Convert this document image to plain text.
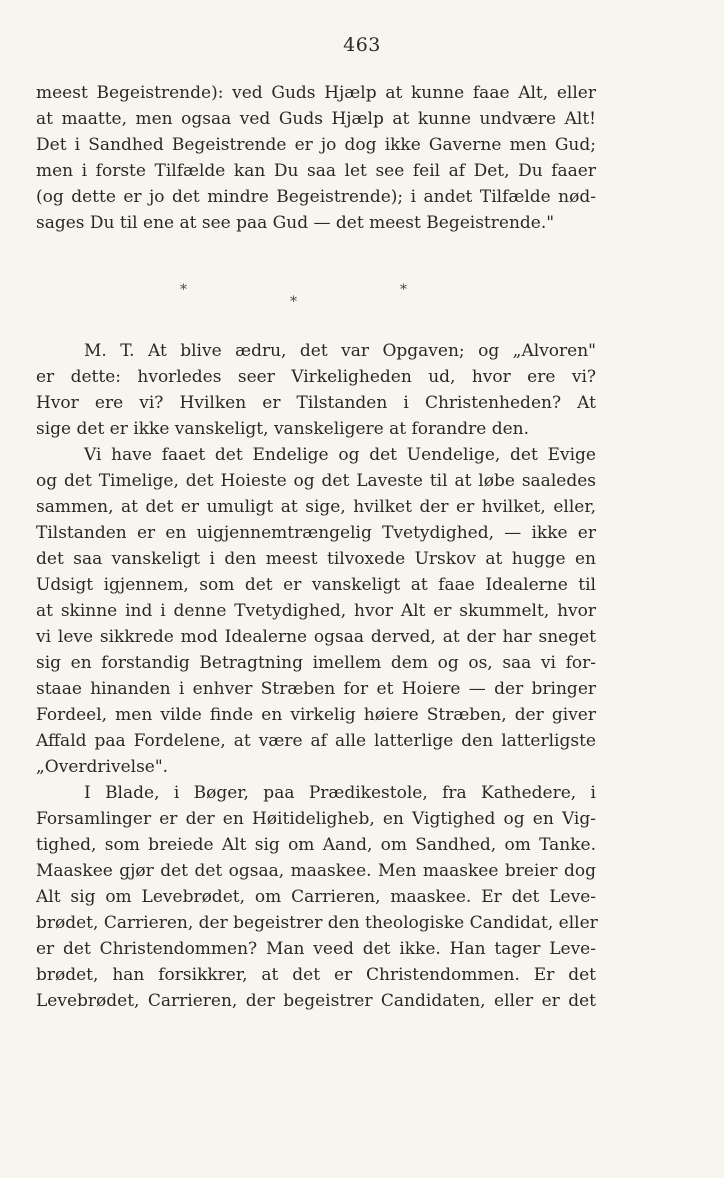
463
meest Begeistrende): ved Guds Hjælp at kunne faae Alt, eller
at maatte, men ogsaa ved Guds Hjælp at kunne undvære Alt!
Det i Sandhed Begeistrende er jo dog ikke Gaverne men Gud;
men i forste Tilfælde kan Du saa let see feil af Det, Du faaer
(og dette er jo det mindre Begeistrende); i andet Tilfælde nød-
sages Du til ene at see paa Gud — det meest Begeistrende."
*
*
*
M. T. At blive ædru, det var Opgaven; og „Alvoren"
er dette: hvorledes seer Virkeligheden ud, hvor ere vi?
Hvor ere vi? Hvilken er Tilstanden i Christenheden? At
sige det er ikke vanskeligt, vanskeligere at forandre den.
Vi have faaet det Endelige og det Uendelige, det Evige
og det Timelige, det Hoieste og det Laveste til at løbe saaledes
sammen, at det er umuligt at sige, hvilket der er hvilket, eller,
Tilstanden er en uigjennemtrængelig Tvetydighed, — ikke er
det saa vanskeligt i den meest tilvoxede Urskov at hugge en
Udsigt igjennem, som det er vanskeligt at faae Idealerne til
at skinne ind i denne Tvetydighed, hvor Alt er skummelt, hvor
vi leve sikkrede mod Idealerne ogsaa derved, at der har sneget
sig en forstandig Betragtning imellem dem og os, saa vi for-
staae hinanden i enhver Stræben for et Hoiere — der bringer
Fordeel, men vilde finde en virkelig høiere Stræben, der giver
Affald paa Fordelene, at være af alle latterlige den latterligste
„Overdrivelse".
I Blade, i Bøger, paa Prædikestole, fra Kathedere, i
Forsamlinger er der en Høitideligheb, en Vigtighed og en Vig-
tighed, som breiede Alt sig om Aand, om Sandhed, om Tanke.
Maaskee gjør det det ogsaa, maaskee. Men maaskee breier dog
Alt sig om Levebrødet, om Carrieren, maaskee. Er det Leve-
brødet, Carrieren, der begeistrer den theologiske Candidat, eller
er det Christendommen? Man veed det ikke. Han tager Leve-
brødet, han forsikkrer, at det er Christendommen. Er det
Levebrødet, Carrieren, der begeistrer Candidaten, eller er det
